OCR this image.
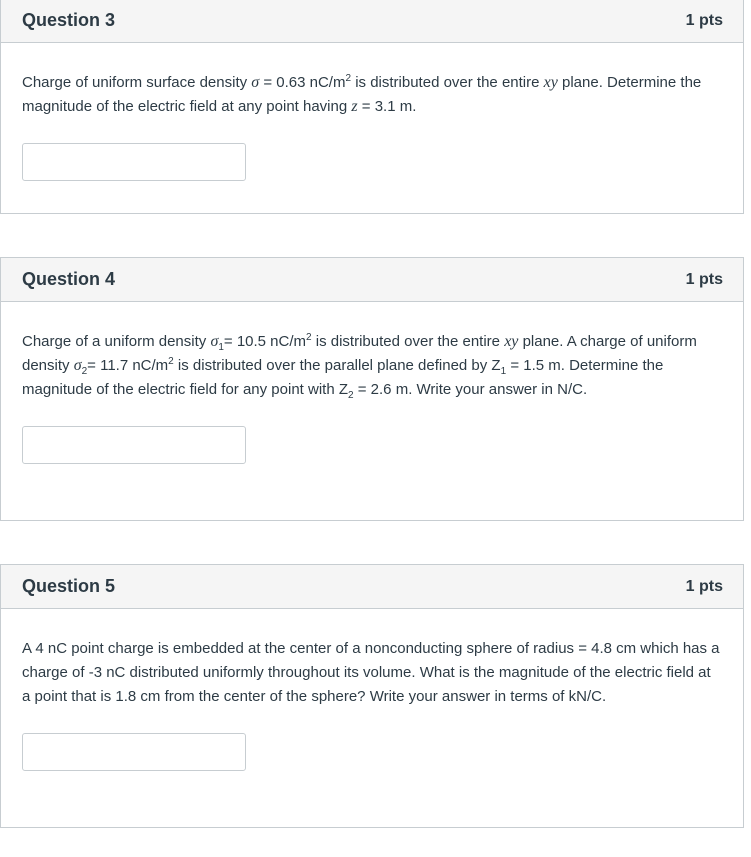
Question 3	1 pts

Charge of uniform surface density σ = 0.63 $nC/m^2$ is distributed over the entire xy plane. Determine the magnitude of the electric field at any point having z = 3.1 m.

Question 4	1 pts

Charge of a uniform density $\sigma_1= 10.5$ $nC/m^2$ is distributed over the entire xy plane. A charge of uniform density $\sigma_2= 11.7$ $nC/m^2$ is distributed over the parallel plane defined by $Z_1 = 1.5$ m. Determine the magnitude of the electric field for any point with $Z_2 = 2.6$ m. Write your answer in N/C.

Question 5	1 pts

A 4 nC point charge is embedded at the center of a nonconducting sphere of radius = 4.8 cm which has a charge of -3 nC distributed uniformly throughout its volume. What is the magnitude of the electric field at a point that is 1.8 cm from the center of the sphere? Write your answer in terms of kN/C.
